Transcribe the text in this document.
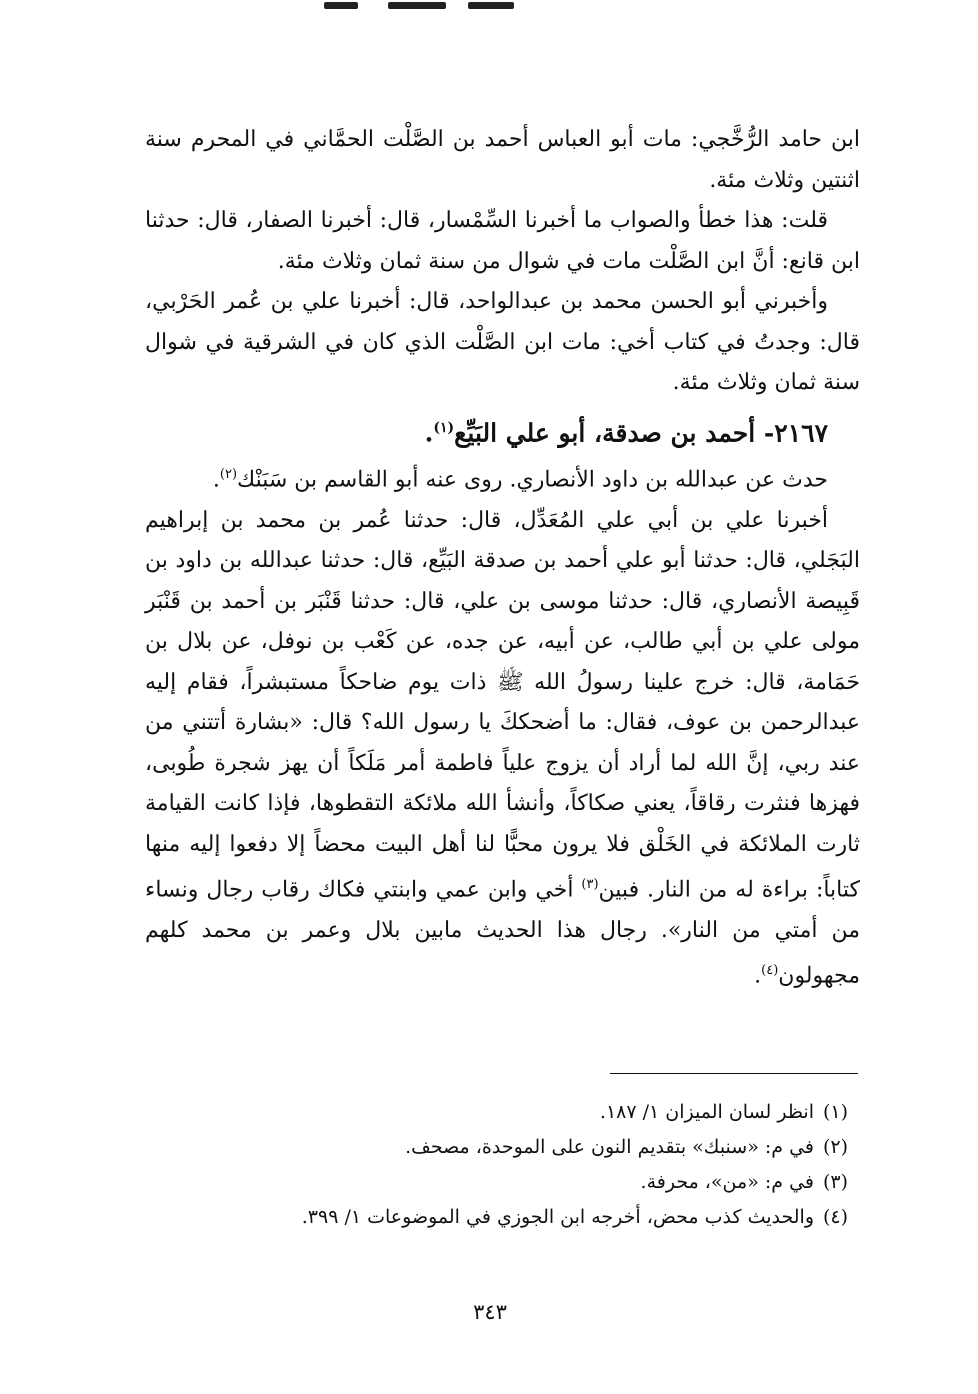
ابن حامد الرُّخَّجي: مات أبو العباس أحمد بن الصَّلْت الحمَّاني في المحرم سنة اثنتين وثلاث مئة.

قلت: هذا خطأ والصواب ما أخبرنا السِّمْسار، قال: أخبرنا الصفار، قال: حدثنا ابن قانع: أنَّ ابن الصَّلْت مات في شوال من سنة ثمان وثلاث مئة.

وأخبرني أبو الحسن محمد بن عبدالواحد، قال: أخبرنا علي بن عُمر الحَرْبي، قال: وجدتُ في كتاب أخي: مات ابن الصَّلْت الذي كان في الشرقية في شوال سنة ثمان وثلاث مئة.

٢١٦٧- أحمد بن صدقة، أبو علي البَيِّع$^{(١)}$.

حدث عن عبدالله بن داود الأنصاري. روى عنه أبو القاسم بن سَبَنْك$^{(٢)}$.

أخبرنا علي بن أبي علي المُعَدِّل، قال: حدثنا عُمر بن محمد بن إبراهيم البَجَلي، قال: حدثنا أبو علي أحمد بن صدقة البَيِّع، قال: حدثنا عبدالله بن داود بن قَبِيصة الأنصاري، قال: حدثنا موسى بن علي، قال: حدثنا قَنْبَر بن أحمد بن قَنْبَر مولى علي بن أبي طالب، عن أبيه، عن جده، عن كَعْب بن نوفل، عن بلال بن حَمَامة، قال: خرج علينا رسولُ الله ﷺ ذات يوم ضاحكاً مستبشراً، فقام إليه عبدالرحمن بن عوف، فقال: ما أضحككَ يا رسول الله؟ قال: «بشارة أتتني من عند ربي، إنَّ الله لما أراد أن يزوج علياً فاطمة أمر مَلَكاً أن يهز شجرة طُوبى، فهزها فنثرت رقاقاً، يعني صكاكاً، وأنشأ الله ملائكة التقطوها، فإذا كانت القيامة ثارت الملائكة في الخَلْق فلا يرون محبًّا لنا أهل البيت محضاً إلا دفعوا إليه منها كتاباً: براءة له من النار. فبين$^{(٣)}$ أخي وابن عمي وابنتي فكاك رقاب رجال ونساء من أمتي من النار». رجال هذا الحديث مابين بلال وعمر بن محمد كلهم مجهولون$^{(٤)}$.

(١)انظر لسان الميزان ١/ ١٨٧.
(٢)في م: «سنبك» بتقديم النون على الموحدة، مصحف.
(٣)في م: «من»، محرفة.
(٤)والحديث كذب محض، أخرجه ابن الجوزي في الموضوعات ١/ ٣٩٩.
٣٤٣
